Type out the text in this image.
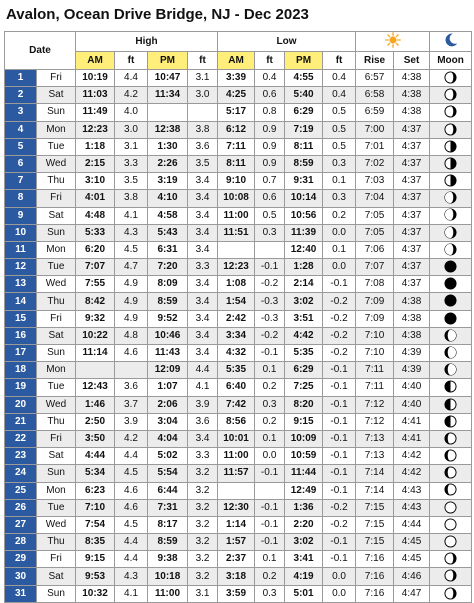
Avalon, Ocean Drive Bridge, NJ - Dec 2023
Date		High				Low		
		AM	ft	PM	ft	AM	ft	PM	ft	Rise	Set	Moon
1	Fri	10:19	4.4	10:47	3.1	3:39	0.4	4:55	0.4	6:57	4:38	
2	Sat	11:03	4.2	11:34	3.0	4:25	0.6	5:40	0.4	6:58	4:38	
3	Sun	11:49	4.0			5:17	0.8	6:29	0.5	6:59	4:38	
4	Mon	12:23	3.0	12:38	3.8	6:12	0.9	7:19	0.5	7:00	4:37	
5	Tue	1:18	3.1	1:30	3.6	7:11	0.9	8:11	0.5	7:01	4:37	
6	Wed	2:15	3.3	2:26	3.5	8:11	0.9	8:59	0.3	7:02	4:37	
7	Thu	3:10	3.5	3:19	3.4	9:10	0.7	9:31	0.1	7:03	4:37	
8	Fri	4:01	3.8	4:10	3.4	10:08	0.6	10:14	0.3	7:04	4:37	
9	Sat	4:48	4.1	4:58	3.4	11:00	0.5	10:56	0.2	7:05	4:37	
10	Sun	5:33	4.3	5:43	3.4	11:51	0.3	11:39	0.0	7:05	4:37	
11	Mon	6:20	4.5	6:31	3.4			12:40	0.1	7:06	4:37	
12	Tue	7:07	4.7	7:20	3.3	12:23	-0.1	1:28	0.0	7:07	4:37	
13	Wed	7:55	4.9	8:09	3.4	1:08	-0.2	2:14	-0.1	7:08	4:37	
14	Thu	8:42	4.9	8:59	3.4	1:54	-0.3	3:02	-0.2	7:09	4:38	
15	Fri	9:32	4.9	9:52	3.4	2:42	-0.3	3:51	-0.2	7:09	4:38	
16	Sat	10:22	4.8	10:46	3.4	3:34	-0.2	4:42	-0.2	7:10	4:38	
17	Sun	11:14	4.6	11:43	3.4	4:32	-0.1	5:35	-0.2	7:10	4:39	
18	Mon			12:09	4.4	5:35	0.1	6:29	-0.1	7:11	4:39	
19	Tue	12:43	3.6	1:07	4.1	6:40	0.2	7:25	-0.1	7:11	4:40	
20	Wed	1:46	3.7	2:06	3.9	7:42	0.3	8:20	-0.1	7:12	4:40	
21	Thu	2:50	3.9	3:04	3.6	8:56	0.2	9:15	-0.1	7:12	4:41	
22	Fri	3:50	4.2	4:04	3.4	10:01	0.1	10:09	-0.1	7:13	4:41	
23	Sat	4:44	4.4	5:02	3.3	11:00	0.0	10:59	-0.1	7:13	4:42	
24	Sun	5:34	4.5	5:54	3.2	11:57	-0.1	11:44	-0.1	7:14	4:42	
25	Mon	6:23	4.6	6:44	3.2			12:49	-0.1	7:14	4:43	
26	Tue	7:10	4.6	7:31	3.2	12:30	-0.1	1:36	-0.2	7:15	4:43	
27	Wed	7:54	4.5	8:17	3.2	1:14	-0.1	2:20	-0.2	7:15	4:44	
28	Thu	8:35	4.4	8:59	3.2	1:57	-0.1	3:02	-0.1	7:15	4:45	
29	Fri	9:15	4.4	9:38	3.2	2:37	0.1	3:41	-0.1	7:16	4:45	
30	Sat	9:53	4.3	10:18	3.2	3:18	0.2	4:19	0.0	7:16	4:46	
31	Sun	10:32	4.1	11:00	3.1	3:59	0.3	5:01	0.0	7:16	4:47	
